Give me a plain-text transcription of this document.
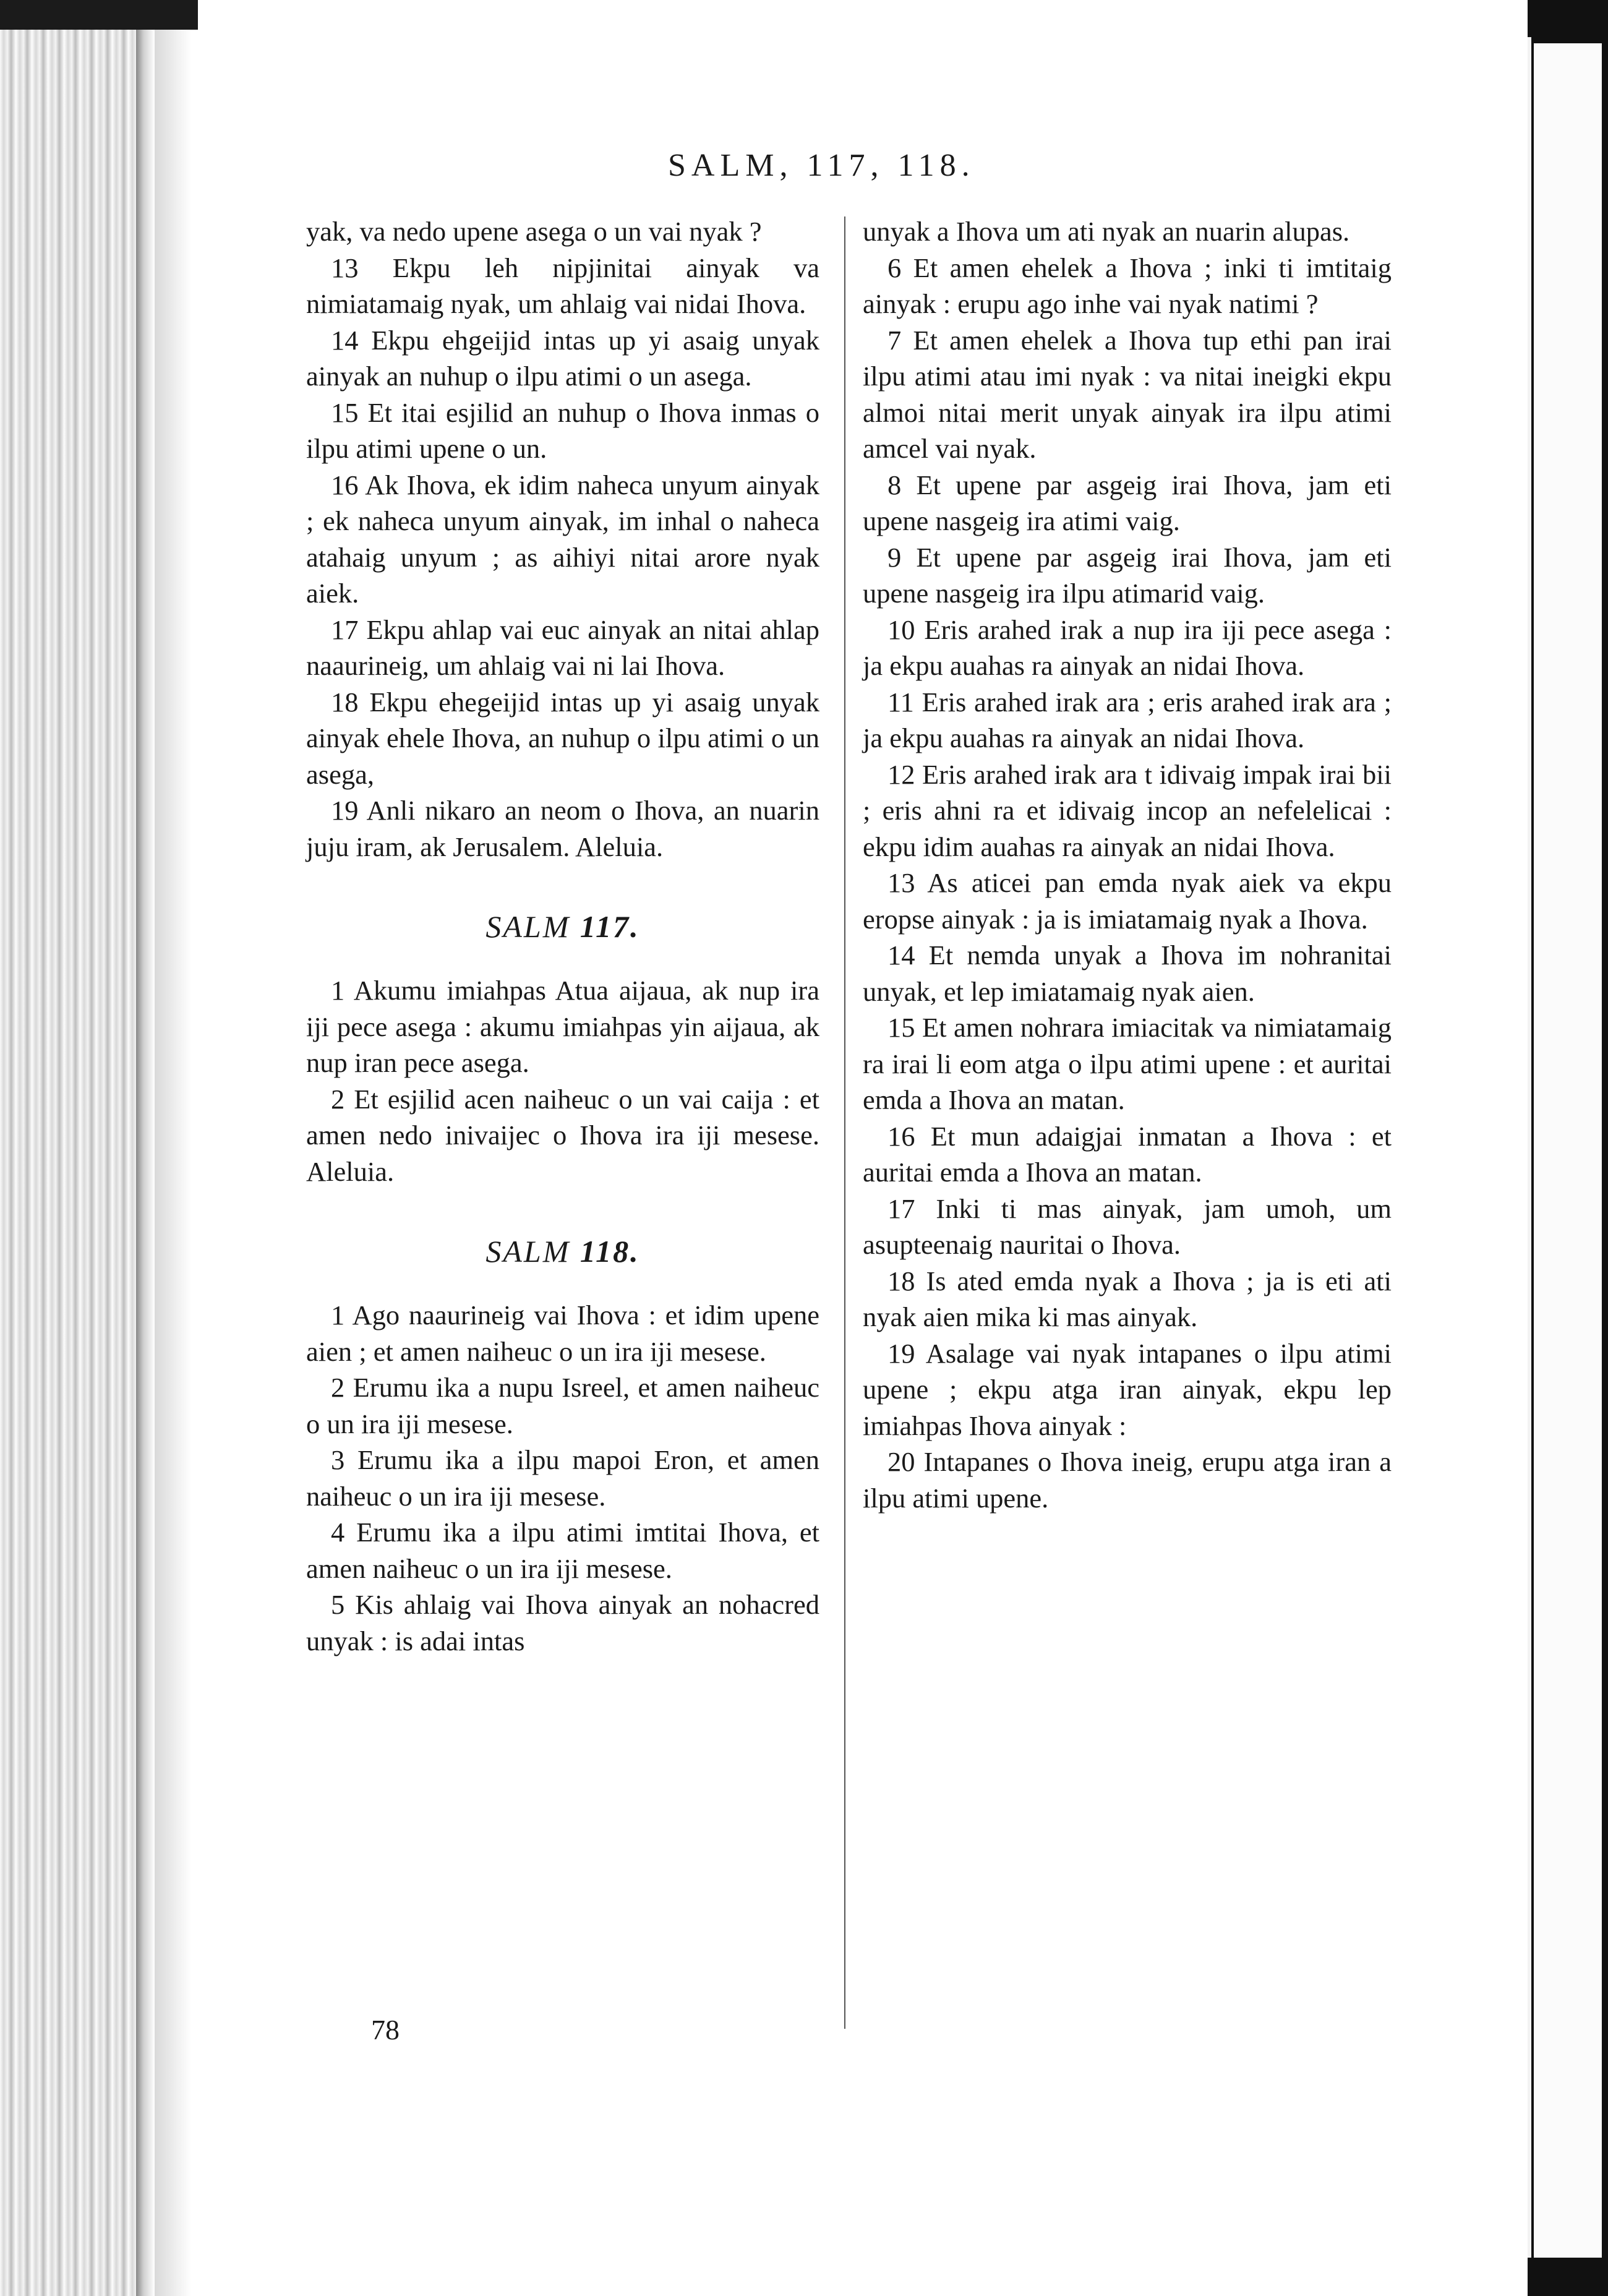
SALM, 117, 118.

yak, va nedo upene asega o un vai nyak ?

13 Ekpu leh nipjinitai ainyak va nimiatamaig nyak, um ahlaig vai nidai Ihova.

14 Ekpu ehgeijid intas up yi asaig unyak ainyak an nuhup o ilpu atimi o un asega.

15 Et itai esjilid an nuhup o Ihova inmas o ilpu atimi upene o un.

16 Ak Ihova, ek idim naheca unyum ainyak ; ek naheca unyum ainyak, im inhal o naheca atahaig unyum ; as aihiyi nitai arore nyak aiek.

17 Ekpu ahlap vai euc ainyak an nitai ahlap naaurineig, um ahlaig vai ni lai Ihova.

18 Ekpu ehegeijid intas up yi asaig unyak ainyak ehele Ihova, an nuhup o ilpu atimi o un asega,

19 Anli nikaro an neom o Ihova, an nuarin juju iram, ak Jerusalem. Aleluia.

SALM 117.

1 Akumu imiahpas Atua aijaua, ak nup ira iji pece asega : akumu imiahpas yin aijaua, ak nup iran pece asega.

2 Et esjilid acen naiheuc o un vai caija : et amen nedo inivaijec o Ihova ira iji mesese. Aleluia.

SALM 118.

1 Ago naaurineig vai Ihova : et idim upene aien ; et amen naiheuc o un ira iji mesese.

2 Erumu ika a nupu Isreel, et amen naiheuc o un ira iji mesese.

3 Erumu ika a ilpu mapoi Eron, et amen naiheuc o un ira iji mesese.

4 Erumu ika a ilpu atimi imtitai Ihova, et amen naiheuc o un ira iji mesese.

5 Kis ahlaig vai Ihova ainyak an nohacred unyak : is adai intas

unyak a Ihova um ati nyak an nuarin alupas.

6 Et amen ehelek a Ihova ; inki ti imtitaig ainyak : erupu ago inhe vai nyak natimi ?

7 Et amen ehelek a Ihova tup ethi pan irai ilpu atimi atau imi nyak : va nitai ineigki ekpu almoi nitai merit unyak ainyak ira ilpu atimi amcel vai nyak.

8 Et upene par asgeig irai Ihova, jam eti upene nasgeig ira atimi vaig.

9 Et upene par asgeig irai Ihova, jam eti upene nasgeig ira ilpu atimarid vaig.

10 Eris arahed irak a nup ira iji pece asega : ja ekpu auahas ra ainyak an nidai Ihova.

11 Eris arahed irak ara ; eris arahed irak ara ; ja ekpu auahas ra ainyak an nidai Ihova.

12 Eris arahed irak ara t idivaig impak irai bii ; eris ahni ra et idivaig incop an nefelelicai : ekpu idim auahas ra ainyak an nidai Ihova.

13 As aticei pan emda nyak aiek va ekpu eropse ainyak : ja is imiatamaig nyak a Ihova.

14 Et nemda unyak a Ihova im nohranitai unyak, et lep imiatamaig nyak aien.

15 Et amen nohrara imiacitak va nimiatamaig ra irai li eom atga o ilpu atimi upene : et auritai emda a Ihova an matan.

16 Et mun adaigjai inmatan a Ihova : et auritai emda a Ihova an matan.

17 Inki ti mas ainyak, jam umoh, um asupteenaig nauritai o Ihova.

18 Is ated emda nyak a Ihova ; ja is eti ati nyak aien mika ki mas ainyak.

19 Asalage vai nyak intapanes o ilpu atimi upene ; ekpu atga iran ainyak, ekpu lep imiahpas Ihova ainyak :

20 Intapanes o Ihova ineig, erupu atga iran a ilpu atimi upene.

78
